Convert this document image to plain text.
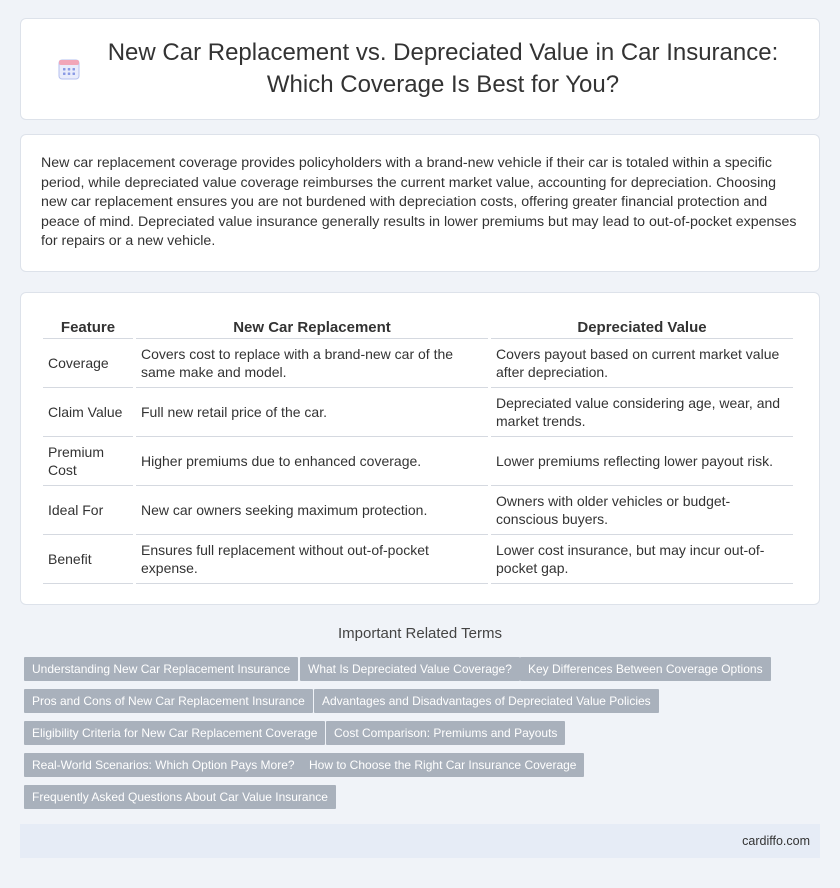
New Car Replacement vs. Depreciated Value in Car Insurance: Which Coverage Is Best for You?

New car replacement coverage provides policyholders with a brand-new vehicle if their car is totaled within a specific period, while depreciated value coverage reimburses the current market value, accounting for depreciation. Choosing new car replacement ensures you are not burdened with depreciation costs, offering greater financial protection and peace of mind. Depreciated value insurance generally results in lower premiums but may lead to out-of-pocket expenses for repairs or a new vehicle.

Feature	New Car Replacement	Depreciated Value
Coverage	Covers cost to replace with a brand-new car of the same make and model.	Covers payout based on current market value after depreciation.
Claim Value	Full new retail price of the car.	Depreciated value considering age, wear, and market trends.
Premium Cost	Higher premiums due to enhanced coverage.	Lower premiums reflecting lower payout risk.
Ideal For	New car owners seeking maximum protection.	Owners with older vehicles or budget-conscious buyers.
Benefit	Ensures full replacement without out-of-pocket expense.	Lower cost insurance, but may incur out-of-pocket gap.
Important Related Terms
Understanding New Car Replacement Insurance	What Is Depreciated Value Coverage?	Key Differences Between Coverage Options
Pros and Cons of New Car Replacement Insurance	Advantages and Disadvantages of Depreciated Value Policies
Eligibility Criteria for New Car Replacement Coverage	Cost Comparison: Premiums and Payouts
Real-World Scenarios: Which Option Pays More?	How to Choose the Right Car Insurance Coverage
Frequently Asked Questions About Car Value Insurance
cardiffo.com
